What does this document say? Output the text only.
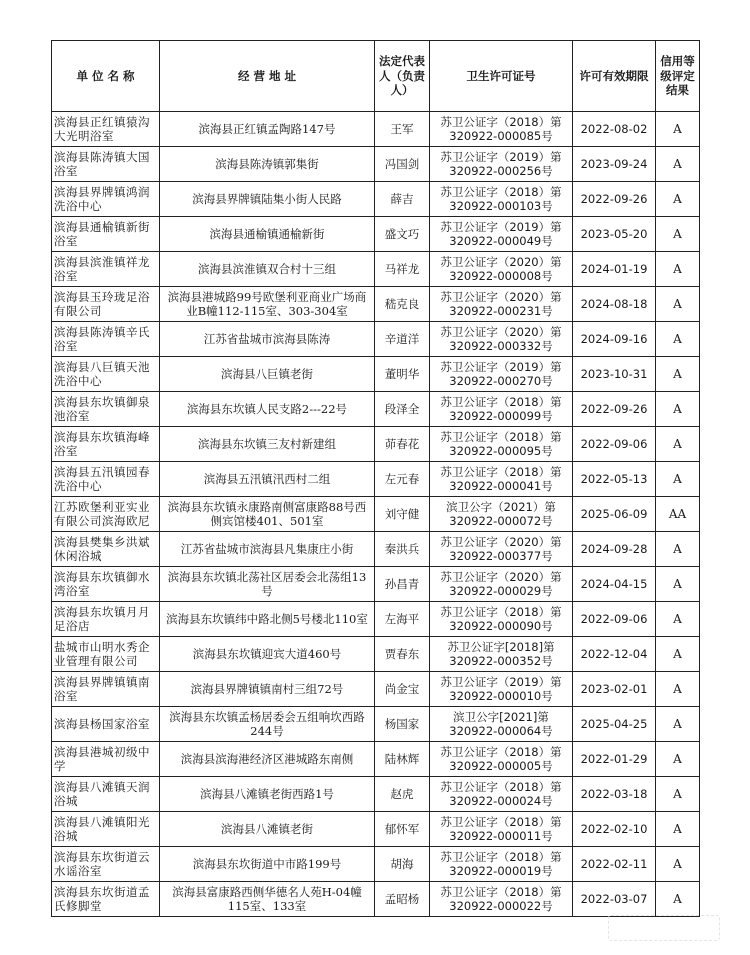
单 位 名 称	经 营 地 址	法定代表人（负责人）	卫生许可证号	许可有效期限	信用等级评定结果
滨海县正红镇猿沟大光明浴室	滨海县正红镇孟陶路147号	王军	苏卫公证字（2018）第320922-000085号	2022-08-02	A
滨海县陈涛镇大国浴室	滨海县陈涛镇郭集街	冯国剑	苏卫公证字（2019）第320922-000256号	2023-09-24	A
滨海县界牌镇鸿润洗浴中心	滨海县界牌镇陆集小街人民路	薛吉	苏卫公证字（2018）第320922-000103号	2022-09-26	A
滨海县通榆镇新街浴室	滨海县通榆镇通榆新街	盛文巧	苏卫公证字（2019）第320922-000049号	2023-05-20	A
滨海县滨淮镇祥龙浴室	滨海县滨淮镇双合村十三组	马祥龙	苏卫公证字（2020）第320922-000008号	2024-01-19	A
滨海县玉玲珑足浴有限公司	滨海县港城路99号欧堡利亚商业广场商业B幢112-115室、303-304室	嵇克良	苏卫公证字（2020）第320922-000231号	2024-08-18	A
滨海县陈涛镇辛氏浴室	江苏省盐城市滨海县陈涛	辛道洋	苏卫公证字（2020）第320922-000332号	2024-09-16	A
滨海县八巨镇天池洗浴中心	滨海县八巨镇老街	董明华	苏卫公证字（2019）第320922-000270号	2023-10-31	A
滨海县东坎镇御泉池浴室	滨海县东坎镇人民支路2---22号	段泽全	苏卫公证字（2018）第320922-000099号	2022-09-26	A
滨海县东坎镇海峰浴室	滨海县东坎镇三友村新建组	茆春花	苏卫公证字（2018）第320922-000095号	2022-09-06	A
滨海县五汛镇园春洗浴中心	滨海县五汛镇汛西村二组	左元春	苏卫公证字（2018）第320922-000041号	2022-05-13	A
江苏欧堡利亚实业有限公司滨海欧尼	滨海县东坎镇永康路南侧富康路88号西侧宾馆楼401、501室	刘守健	滨卫公字（2021）第320922-000072号	2025-06-09	AA
滨海县樊集乡洪斌休闲浴城	江苏省盐城市滨海县凡集康庄小街	秦洪兵	苏卫公证字（2020）第320922-000377号	2024-09-28	A
滨海县东坎镇御水湾浴室	滨海县东坎镇北荡社区居委会北荡组13号	孙昌青	苏卫公证字（2020）第320922-000029号	2024-04-15	A
滨海县东坎镇月月足浴店	滨海县东坎镇纬中路北侧5号楼北110室	左海平	苏卫公证字（2018）第320922-000090号	2022-09-06	A
盐城市山明水秀企业管理有限公司	滨海县东坎镇迎宾大道460号	贾春东	苏卫公证字[2018]第320922-000352号	2022-12-04	A
滨海县界牌镇镇南浴室	滨海县界牌镇镇南村三组72号	尚金宝	苏卫公证字（2019）第320922-000010号	2023-02-01	A
滨海县杨国家浴室	滨海县东坎镇孟杨居委会五组响坎西路244号	杨国家	滨卫公字[2021]第320922-000064号	2025-04-25	A
滨海县港城初级中学	滨海县滨海港经济区港城路东南侧	陆林辉	苏卫公证字（2018）第320922-000005号	2022-01-29	A
滨海县八滩镇天润浴城	滨海县八滩镇老街西路1号	赵虎	苏卫公证字（2018）第320922-000024号	2022-03-18	A
滨海县八滩镇阳光浴城	滨海县八滩镇老街	郁怀军	苏卫公证字（2018）第320922-000011号	2022-02-10	A
滨海县东坎街道云水谣浴室	滨海县东坎街道中市路199号	胡海	苏卫公证字（2018）第320922-000019号	2022-02-11	A
滨海县东坎街道孟氏修脚堂	滨海县富康路西侧华德名人苑H-04幢115室、133室	孟昭杨	苏卫公证字（2018）第320922-000022号	2022-03-07	A
